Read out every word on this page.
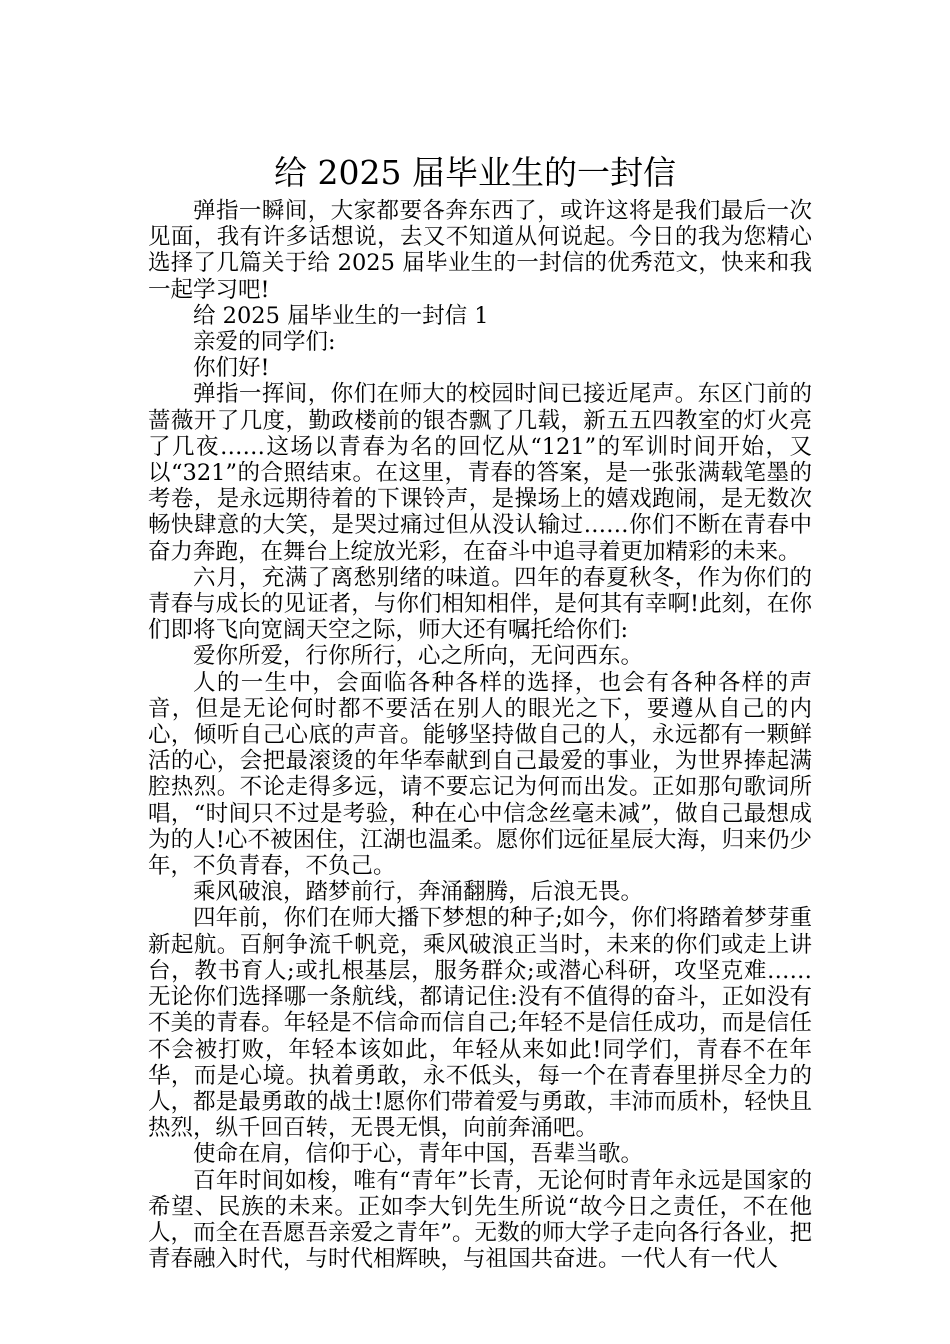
给 2025 届毕业生的一封信

弹指一瞬间，大家都要各奔东西了，或许这将是我们最后一次见面，我有许多话想说，去又不知道从何说起。今日的我为您精心选择了几篇关于给 2025 届毕业生的一封信的优秀范文，快来和我一起学习吧!

给 2025 届毕业生的一封信 1

亲爱的同学们:

你们好!

弹指一挥间，你们在师大的校园时间已接近尾声。东区门前的蔷薇开了几度，勤政楼前的银杏飘了几载，新五五四教室的灯火亮了几夜……这场以青春为名的回忆从“121”的军训时间开始，又以“321”的合照结束。在这里，青春的答案，是一张张满载笔墨的考卷，是永远期待着的下课铃声，是操场上的嬉戏跑闹，是无数次畅快肆意的大笑，是哭过痛过但从没认输过……你们不断在青春中奋力奔跑，在舞台上绽放光彩，在奋斗中追寻着更加精彩的未来。

六月，充满了离愁别绪的味道。四年的春夏秋冬，作为你们的青春与成长的见证者，与你们相知相伴，是何其有幸啊!此刻，在你们即将飞向宽阔天空之际，师大还有嘱托给你们:

爱你所爱，行你所行，心之所向，无问西东。

人的一生中，会面临各种各样的选择，也会有各种各样的声音，但是无论何时都不要活在别人的眼光之下，要遵从自己的内心，倾听自己心底的声音。能够坚持做自己的人，永远都有一颗鲜活的心，会把最滚烫的年华奉献到自己最爱的事业，为世界捧起满腔热烈。不论走得多远，请不要忘记为何而出发。正如那句歌词所唱，“时间只不过是考验，种在心中信念丝毫未减”，做自己最想成为的人!心不被困住，江湖也温柔。愿你们远征星辰大海，归来仍少年，不负青春，不负己。

乘风破浪，踏梦前行，奔涌翻腾，后浪无畏。

四年前，你们在师大播下梦想的种子;如今，你们将踏着梦芽重新起航。百舸争流千帆竞，乘风破浪正当时，未来的你们或走上讲台，教书育人;或扎根基层，服务群众;或潜心科研，攻坚克难……无论你们选择哪一条航线，都请记住:没有不值得的奋斗，正如没有不美的青春。年轻是不信命而信自己;年轻不是信任成功，而是信任不会被打败，年轻本该如此，年轻从来如此!同学们，青春不在年华，而是心境。执着勇敢，永不低头，每一个在青春里拼尽全力的人，都是最勇敢的战士!愿你们带着爱与勇敢，丰沛而质朴，轻快且热烈，纵千回百转，无畏无惧，向前奔涌吧。

使命在肩，信仰于心，青年中国，吾辈当歌。

百年时间如梭，唯有“青年”长青，无论何时青年永远是国家的希望、民族的未来。正如李大钊先生所说“故今日之责任，不在他人，而全在吾愿吾亲爱之青年”。无数的师大学子走向各行各业，把青春融入时代，与时代相辉映，与祖国共奋进。一代人有一代人
